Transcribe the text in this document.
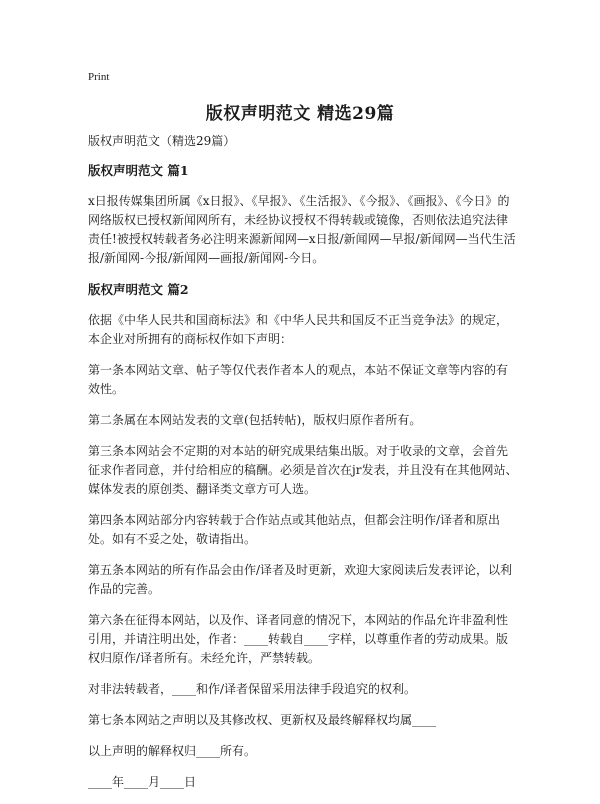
Print
版权声明范文 精选29篇

版权声明范文（精选29篇）

版权声明范文 篇1

x日报传媒集团所属《x日报》、《早报》、《生活报》、《今报》、《画报》、《今日》的网络版权已授权新闻网所有，未经协议授权不得转载或镜像，否则依法追究法律责任!被授权转载者务必注明来源新闻网—x日报/新闻网—早报/新闻网—当代生活报/新闻网-今报/新闻网—画报/新闻网-今日。

版权声明范文 篇2

依据《中华人民共和国商标法》和《中华人民共和国反不正当竞争法》的规定，本企业对所拥有的商标权作如下声明：

第一条本网站文章、帖子等仅代表作者本人的观点，本站不保证文章等内容的有效性。

第二条属在本网站发表的文章(包括转帖)，版权归原作者所有。

第三条本网站会不定期的对本站的研究成果结集出版。对于收录的文章，会首先征求作者同意，并付给相应的稿酬。必须是首次在jr发表，并且没有在其他网站、媒体发表的原创类、翻译类文章方可人选。

第四条本网站部分内容转载于合作站点或其他站点，但都会注明作/译者和原出处。如有不妥之处，敬请指出。

第五条本网站的所有作品会由作/译者及时更新，欢迎大家阅读后发表评论，以利作品的完善。

第六条在征得本网站，以及作、译者同意的情况下，本网站的作品允许非盈利性引用，并请注明出处，作者：____转载自____字样，以尊重作者的劳动成果。版权归原作/译者所有。未经允许，严禁转载。

对非法转载者，____和作/译者保留采用法律手段追究的权利。

第七条本网站之声明以及其修改权、更新权及最终解释权均属____

以上声明的解释权归____所有。

____年____月____日
